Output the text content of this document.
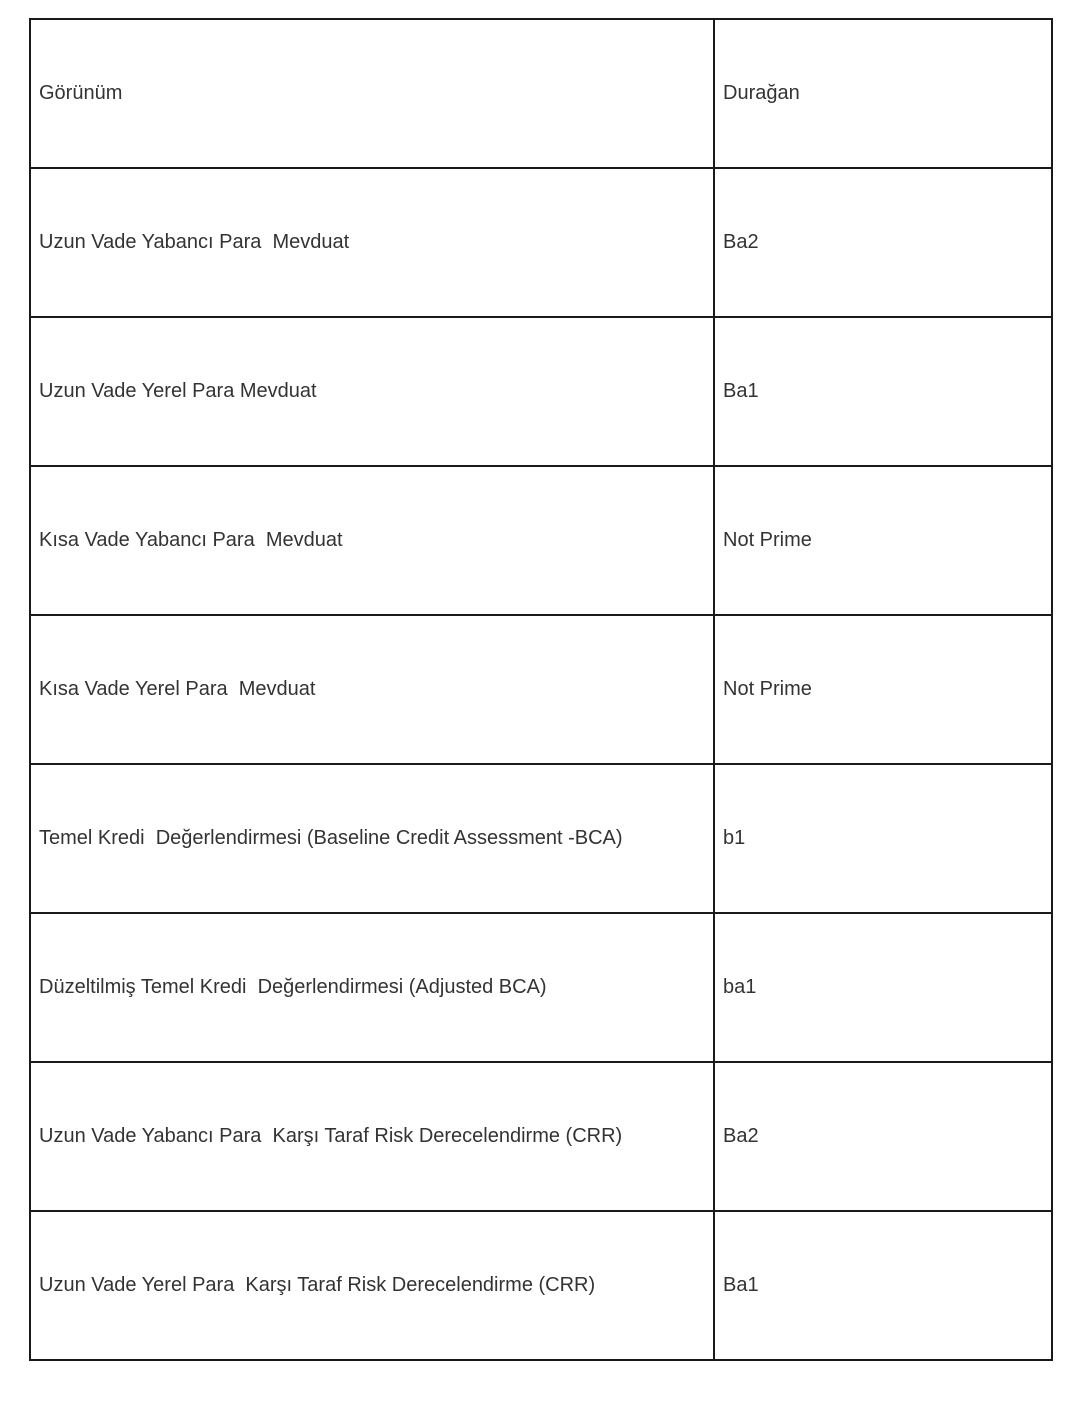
Görünüm	Durağan
Uzun Vade Yabancı Para  Mevduat	Ba2
Uzun Vade Yerel Para Mevduat	Ba1
Kısa Vade Yabancı Para  Mevduat	Not Prime
Kısa Vade Yerel Para  Mevduat	Not Prime
Temel Kredi  Değerlendirmesi (Baseline Credit Assessment -BCA)	b1
Düzeltilmiş Temel Kredi  Değerlendirmesi (Adjusted BCA)	ba1
Uzun Vade Yabancı Para  Karşı Taraf Risk Derecelendirme (CRR)	Ba2
Uzun Vade Yerel Para  Karşı Taraf Risk Derecelendirme (CRR)	Ba1
